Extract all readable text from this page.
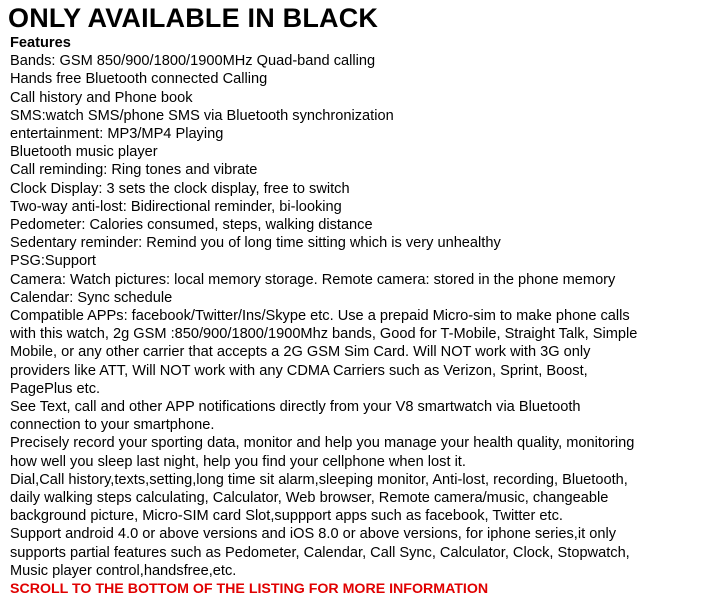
ONLY AVAILABLE IN BLACK
Features
Bands: GSM 850/900/1800/1900MHz Quad-band calling
Hands free Bluetooth connected Calling
Call history and Phone book
SMS:watch SMS/phone SMS via Bluetooth synchronization
entertainment: MP3/MP4 Playing
Bluetooth music player
Call reminding: Ring tones and vibrate
Clock Display: 3 sets the clock display, free to switch
Two-way anti-lost: Bidirectional reminder, bi-looking
Pedometer: Calories consumed, steps, walking distance
Sedentary reminder: Remind you of long time sitting which is very unhealthy
PSG:Support
Camera: Watch pictures: local memory storage. Remote camera: stored in the phone memory
Calendar: Sync schedule
Compatible APPs: facebook/Twitter/Ins/Skype etc. Use a prepaid Micro-sim to make phone calls
with this watch, 2g GSM :850/900/1800/1900Mhz bands, Good for T-Mobile, Straight Talk, Simple
Mobile, or any other carrier that accepts a 2G GSM Sim Card. Will NOT work with 3G only
providers like ATT, Will NOT work with any CDMA Carriers such as Verizon, Sprint, Boost,
PagePlus etc.
See Text, call and other APP notifications directly from your V8 smartwatch via Bluetooth
connection to your smartphone.
Precisely record your sporting data, monitor and help you manage your health quality, monitoring
how well you sleep last night, help you find your cellphone when lost it.
Dial,Call history,texts,setting,long time sit alarm,sleeping monitor, Anti-lost, recording, Bluetooth,
daily walking steps calculating, Calculator, Web browser, Remote camera/music, changeable
background picture, Micro-SIM card Slot,suppport apps such as facebook, Twitter etc.
Support android 4.0 or above versions and iOS 8.0 or above versions, for iphone series,it only
supports partial features such as Pedometer, Calendar, Call Sync, Calculator, Clock, Stopwatch,
Music player control,handsfree,etc.
SCROLL TO THE BOTTOM OF THE LISTING FOR MORE INFORMATION
